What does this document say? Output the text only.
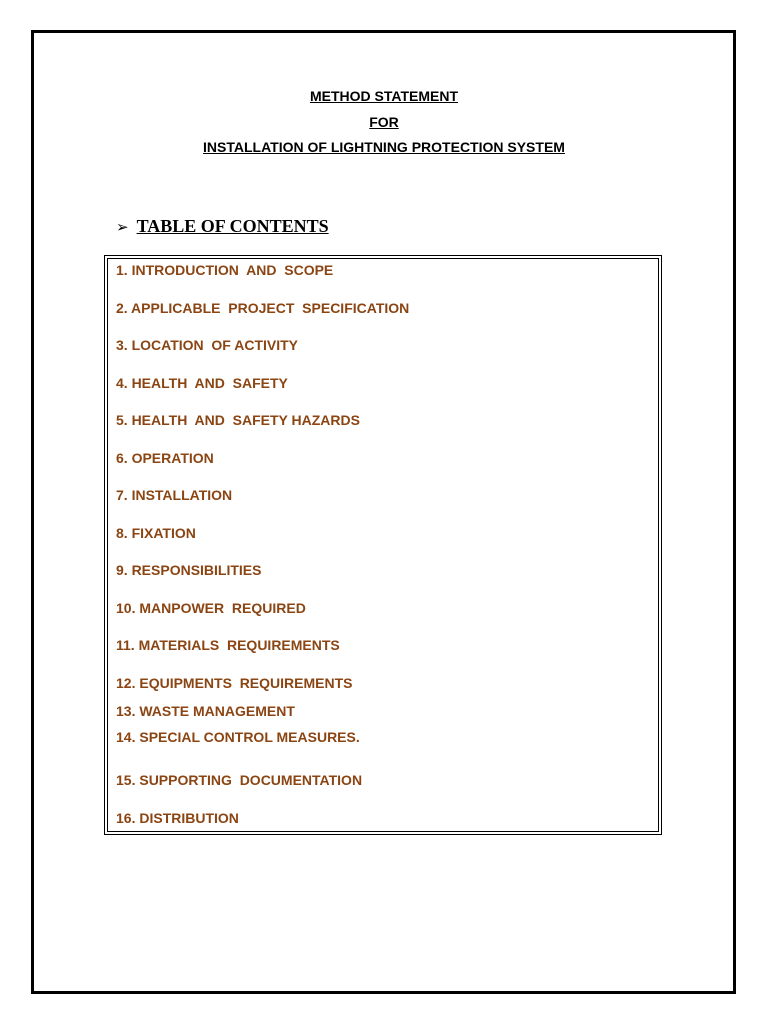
METHOD STATEMENT
FOR
INSTALLATION OF LIGHTNING PROTECTION SYSTEM
➢ TABLE OF CONTENTS
1. INTRODUCTION  AND  SCOPE
2. APPLICABLE  PROJECT  SPECIFICATION
3. LOCATION  OF ACTIVITY
4. HEALTH  AND  SAFETY
5. HEALTH  AND  SAFETY HAZARDS
6. OPERATION
7. INSTALLATION
8. FIXATION
9. RESPONSIBILITIES
10. MANPOWER  REQUIRED
11. MATERIALS  REQUIREMENTS
12. EQUIPMENTS  REQUIREMENTS
13. WASTE MANAGEMENT
14. SPECIAL CONTROL MEASURES.
15. SUPPORTING  DOCUMENTATION
16. DISTRIBUTION
